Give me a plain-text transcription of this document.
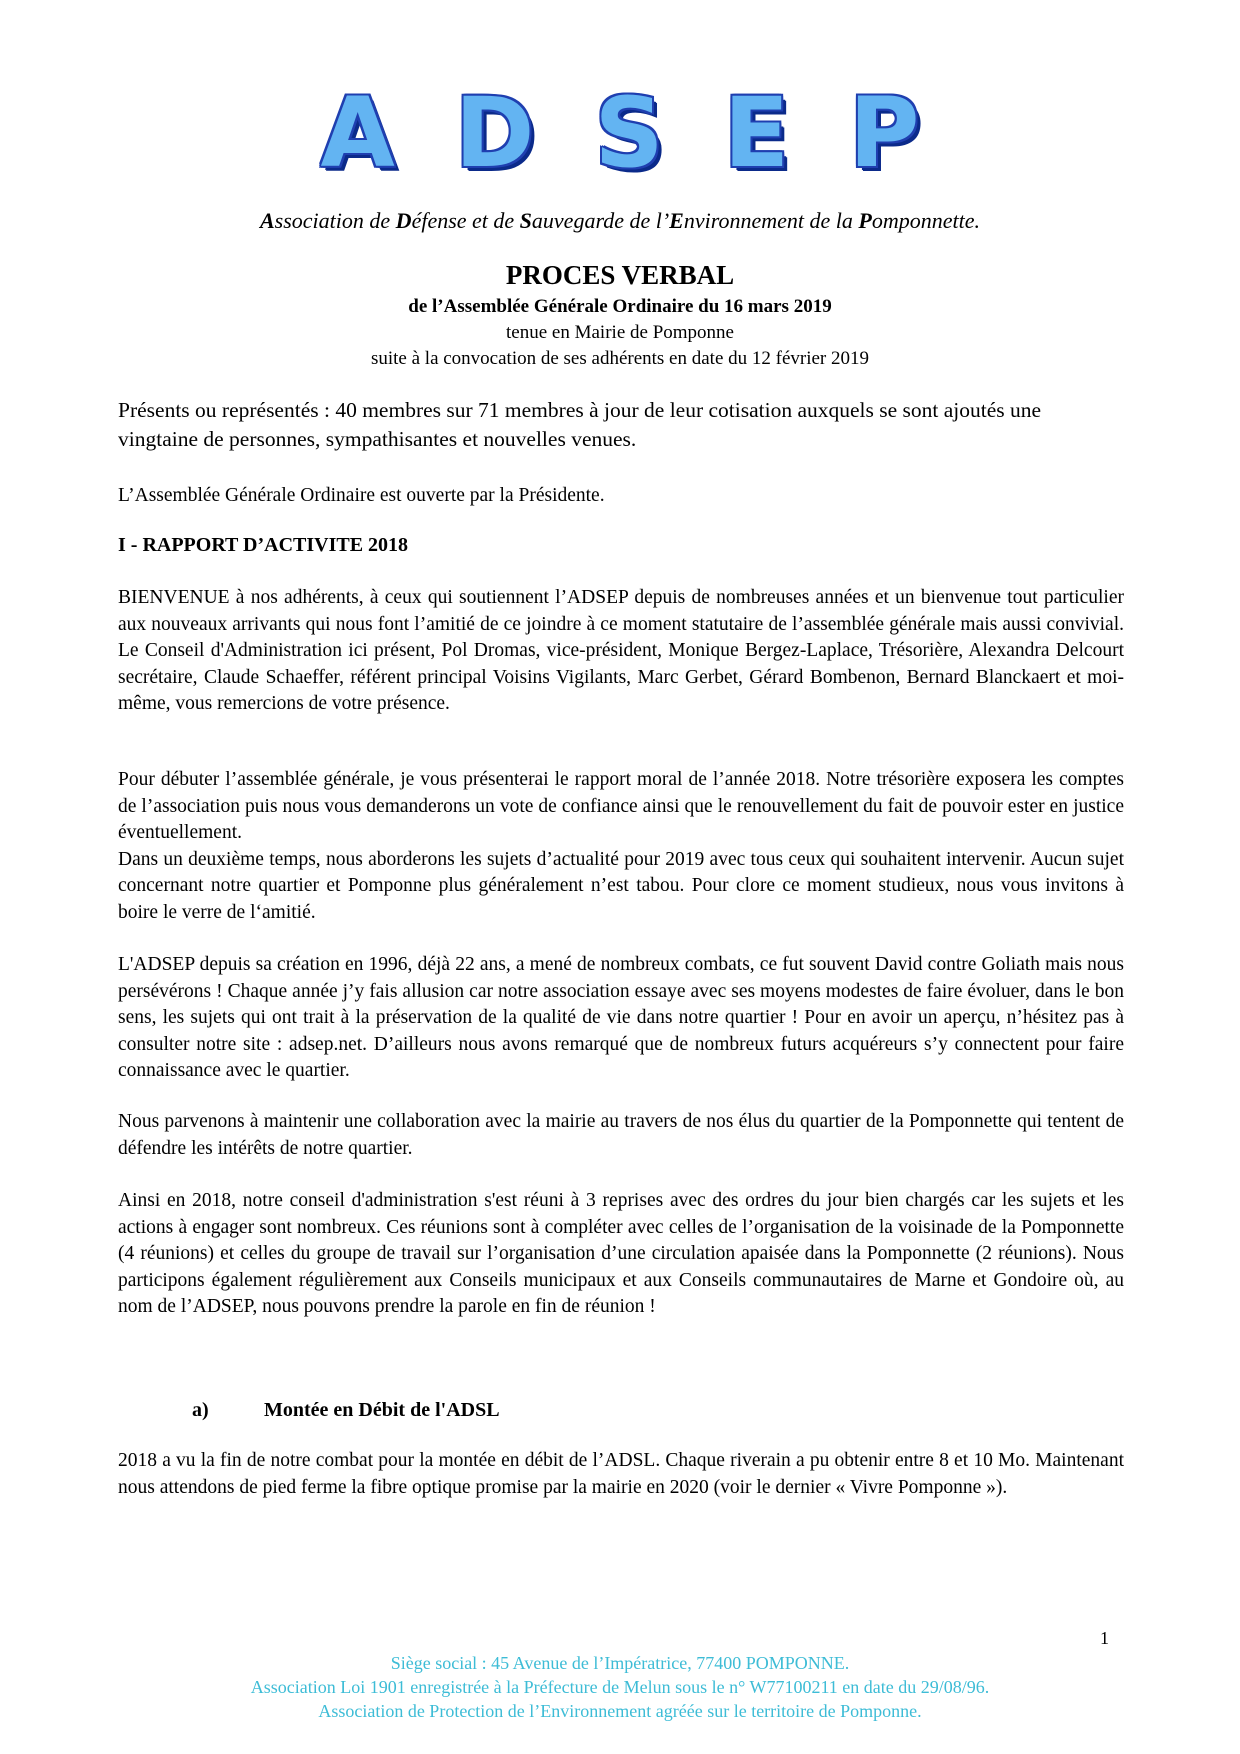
ADSEP
Association de Défense et de Sauvegarde de l’Environnement de la Pomponnette.
PROCES VERBAL
de l’Assemblée Générale Ordinaire du 16 mars 2019
tenue en Mairie de Pomponne
suite à la convocation de ses adhérents en date du 12 février 2019

Présents ou représentés : 40 membres sur 71 membres à jour de leur cotisation auxquels se sont ajoutés une vingtaine de personnes, sympathisantes et nouvelles venues.

L’Assemblée Générale Ordinaire est ouverte par la Présidente.

I - RAPPORT D’ACTIVITE 2018

BIENVENUE à nos adhérents, à ceux qui soutiennent l’ADSEP depuis de nombreuses années et un bienvenue tout particulier aux nouveaux arrivants qui nous font l’amitié de ce joindre à ce moment statutaire de l’assemblée générale mais aussi convivial. Le Conseil d'Administration ici présent, Pol Dromas, vice-président, Monique Bergez-Laplace, Trésorière, Alexandra Delcourt secrétaire, Claude Schaeffer, référent principal Voisins Vigilants, Marc Gerbet, Gérard Bombenon, Bernard Blanckaert et moi-même, vous remercions de votre présence.

Pour débuter l’assemblée générale, je vous présenterai le rapport moral de l’année 2018. Notre trésorière exposera les comptes de l’association puis nous vous demanderons un vote de confiance ainsi que le renouvellement du fait de pouvoir ester en justice éventuellement.

Dans un deuxième temps, nous aborderons les sujets d’actualité pour 2019 avec tous ceux qui souhaitent intervenir. Aucun sujet concernant notre quartier et Pomponne plus généralement n’est tabou. Pour clore ce moment studieux, nous vous invitons à boire le verre de l‘amitié.

L'ADSEP depuis sa création en 1996, déjà 22 ans, a mené de nombreux combats, ce fut souvent David contre Goliath mais nous persévérons ! Chaque année j’y fais allusion car notre association essaye avec ses moyens modestes de faire évoluer, dans le bon sens, les sujets qui ont trait à la préservation de la qualité de vie dans notre quartier ! Pour en avoir un aperçu, n’hésitez pas à consulter notre site : adsep.net. D’ailleurs nous avons remarqué que de nombreux futurs acquéreurs s’y connectent pour faire connaissance avec le quartier.

Nous parvenons à maintenir une collaboration avec la mairie au travers de nos élus du quartier de la Pomponnette qui tentent de défendre les intérêts de notre quartier.

Ainsi en 2018, notre conseil d'administration s'est réuni à 3 reprises avec des ordres du jour bien chargés car les sujets et les actions à engager sont nombreux. Ces réunions sont à compléter avec celles de l’organisation de la voisinade de la Pomponnette (4 réunions) et celles du groupe de travail sur l’organisation d’une circulation apaisée dans la Pomponnette (2 réunions). Nous participons également régulièrement aux Conseils municipaux et aux Conseils communautaires de Marne et Gondoire où, au nom de l’ADSEP, nous pouvons prendre la parole en fin de réunion !

a)	Montée en Débit de l'ADSL

2018 a vu la fin de notre combat pour la montée en débit de l’ADSL. Chaque riverain a pu obtenir entre 8 et 10 Mo. Maintenant nous attendons de pied ferme la fibre optique promise par la mairie en 2020 (voir le dernier « Vivre Pomponne »).

1
Siège social : 45 Avenue de l’Impératrice, 77400 POMPONNE.
Association Loi 1901 enregistrée à la Préfecture de Melun sous le n° W77100211 en date du 29/08/96.
Association de Protection de l’Environnement agréée sur le territoire de Pomponne.
